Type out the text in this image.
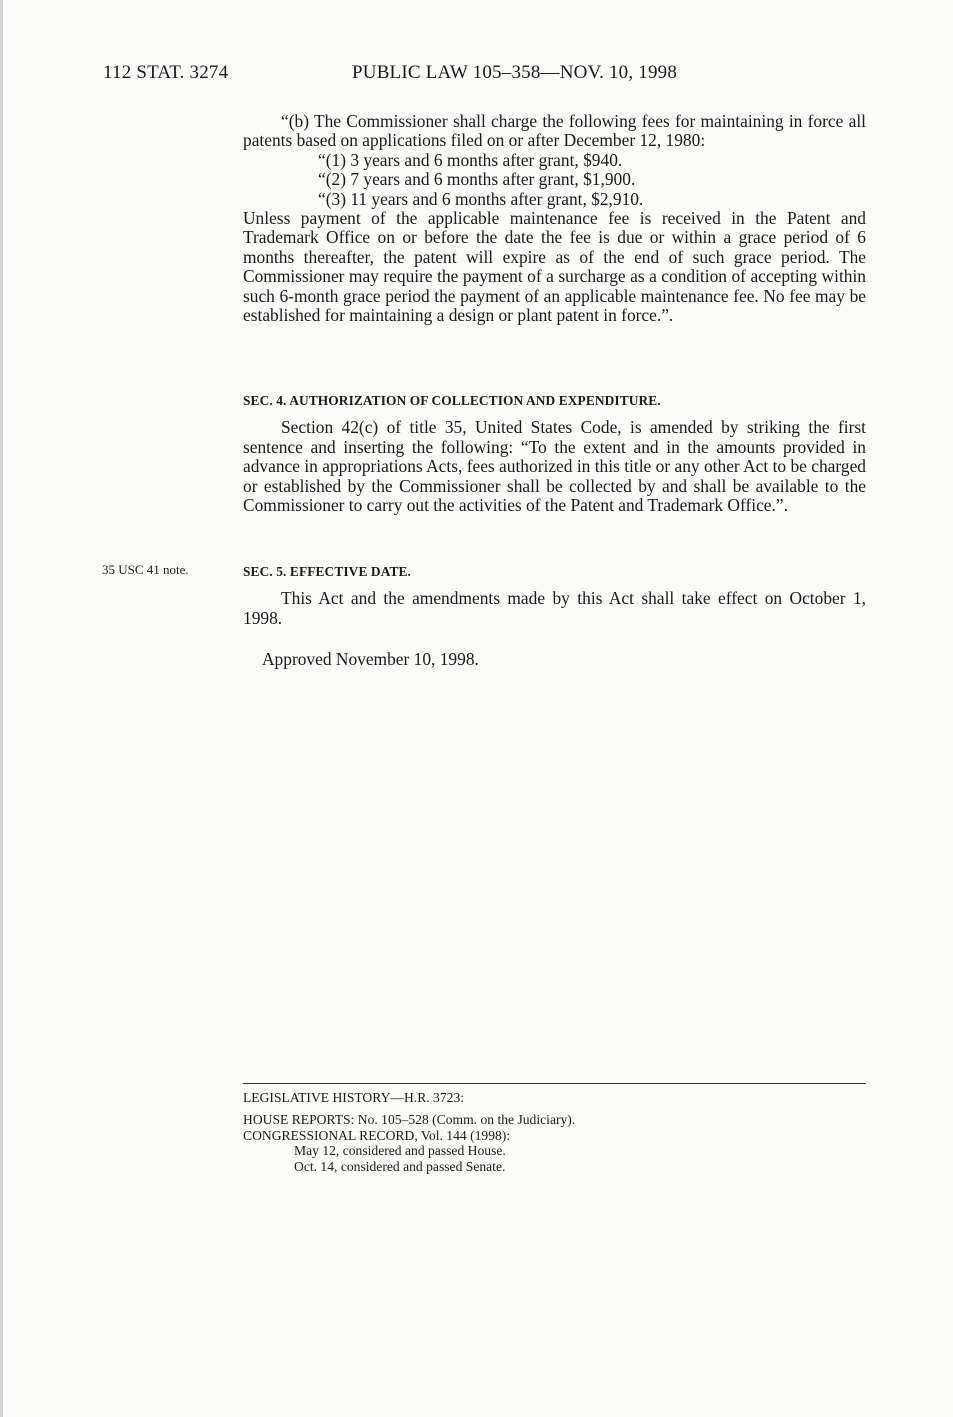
112 STAT. 3274	PUBLIC LAW 105–358—NOV. 10, 1998

“(b) The Commissioner shall charge the following fees for maintaining in force all patents based on applications filed on or after December 12, 1980:

“(1) 3 years and 6 months after grant, $940.

“(2) 7 years and 6 months after grant, $1,900.

“(3) 11 years and 6 months after grant, $2,910.

Unless payment of the applicable maintenance fee is received in the Patent and Trademark Office on or before the date the fee is due or within a grace period of 6 months thereafter, the patent will expire as of the end of such grace period. The Commissioner may require the payment of a surcharge as a condition of accepting within such 6-month grace period the payment of an applicable maintenance fee. No fee may be established for maintaining a design or plant patent in force.”.

SEC. 4. AUTHORIZATION OF COLLECTION AND EXPENDITURE.

Section 42(c) of title 35, United States Code, is amended by striking the first sentence and inserting the following: “To the extent and in the amounts provided in advance in appropriations Acts, fees authorized in this title or any other Act to be charged or established by the Commissioner shall be collected by and shall be available to the Commissioner to carry out the activities of the Patent and Trademark Office.”.

35 USC 41 note.	SEC. 5. EFFECTIVE DATE.

This Act and the amendments made by this Act shall take effect on October 1, 1998.

Approved November 10, 1998.

LEGISLATIVE HISTORY—H.R. 3723:

HOUSE REPORTS: No. 105–528 (Comm. on the Judiciary).

CONGRESSIONAL RECORD, Vol. 144 (1998):

May 12, considered and passed House.

Oct. 14, considered and passed Senate.
